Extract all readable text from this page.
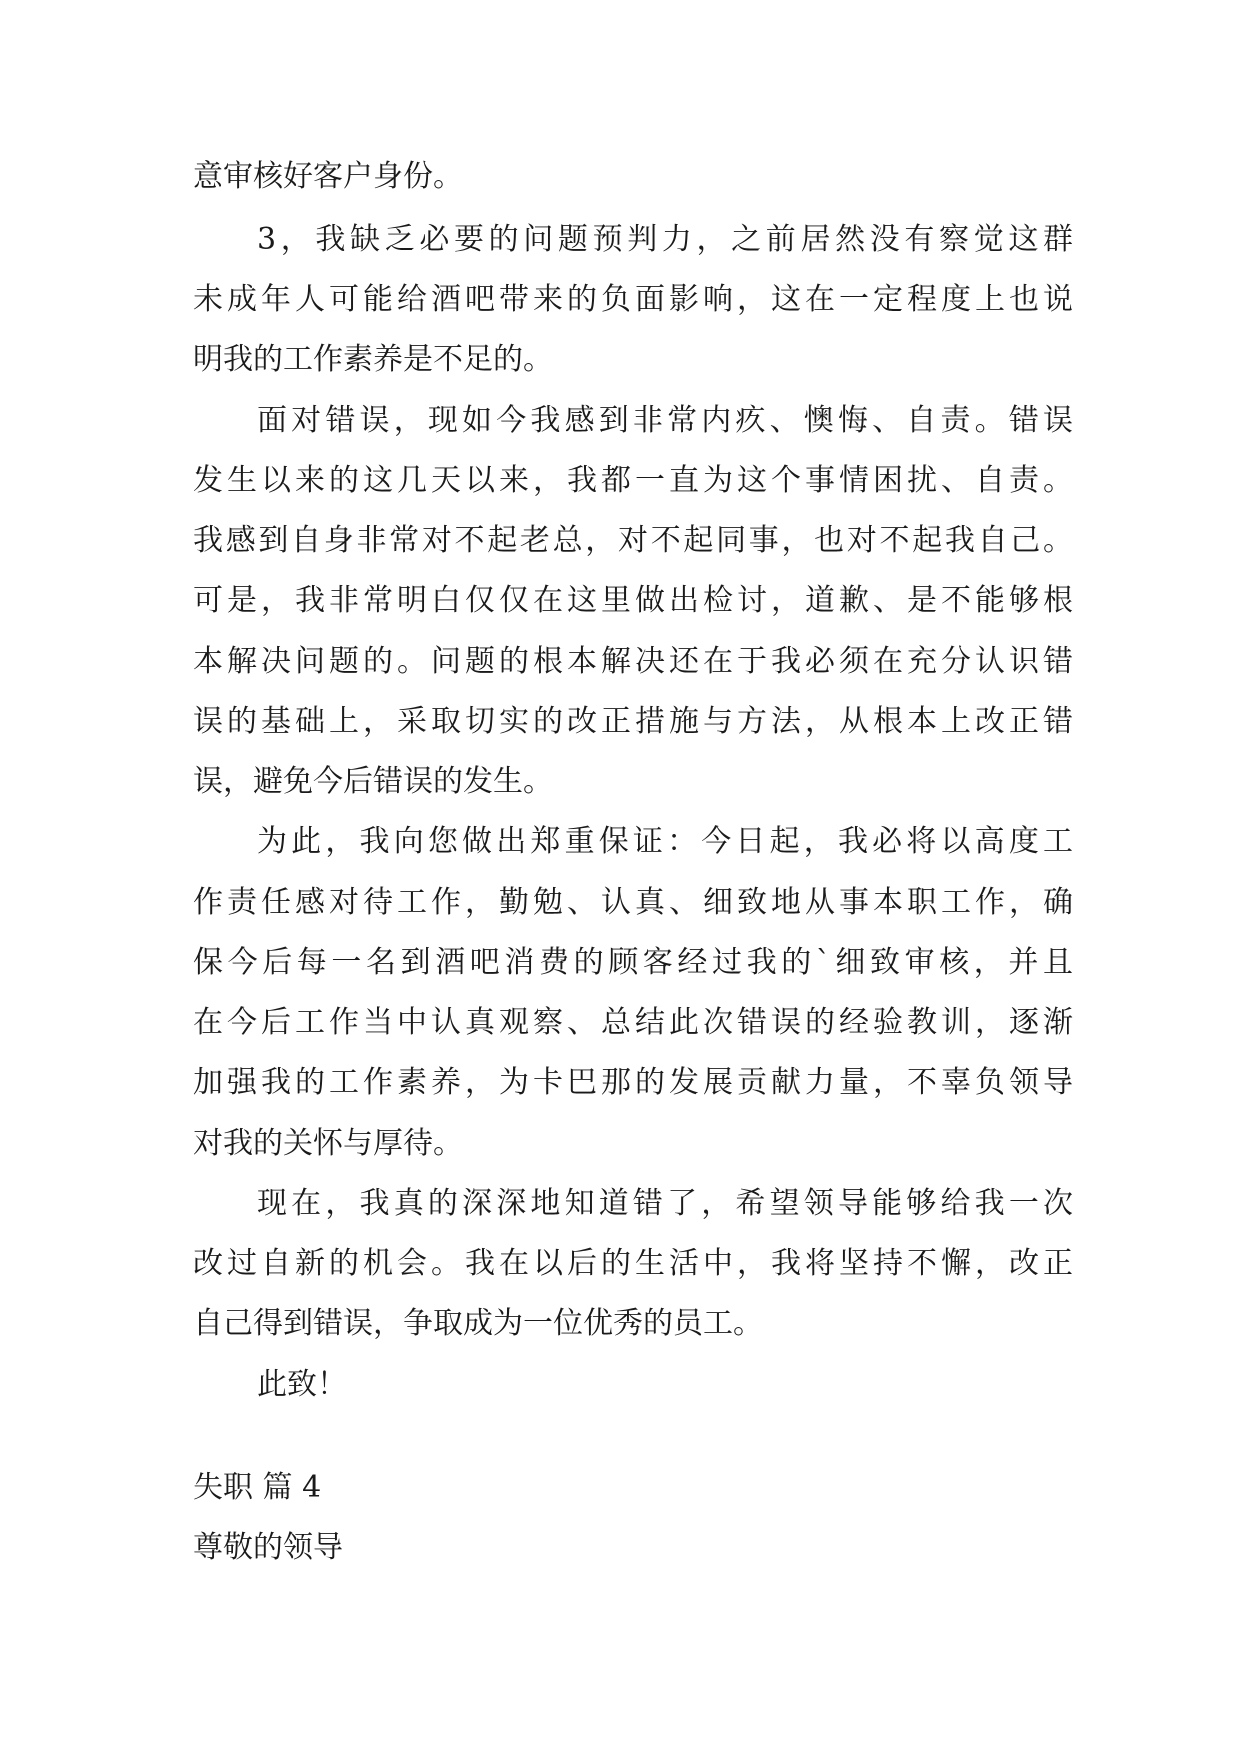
意审核好客户身份。
3，我缺乏必要的问题预判力，之前居然没有察觉这群
未成年人可能给酒吧带来的负面影响，这在一定程度上也说
明我的工作素养是不足的。
面对错误，现如今我感到非常内疚、懊悔、自责。错误
发生以来的这几天以来，我都一直为这个事情困扰、自责。
我感到自身非常对不起老总，对不起同事，也对不起我自己。
可是，我非常明白仅仅在这里做出检讨，道歉、是不能够根
本解决问题的。问题的根本解决还在于我必须在充分认识错
误的基础上，采取切实的改正措施与方法，从根本上改正错
误，避免今后错误的发生。
为此，我向您做出郑重保证：今日起，我必将以高度工
作责任感对待工作，勤勉、认真、细致地从事本职工作，确
保今后每一名到酒吧消费的顾客经过我的`细致审核，并且
在今后工作当中认真观察、总结此次错误的经验教训，逐渐
加强我的工作素养，为卡巴那的发展贡献力量，不辜负领导
对我的关怀与厚待。
现在，我真的深深地知道错了，希望领导能够给我一次
改过自新的机会。我在以后的生活中，我将坚持不懈，改正
自己得到错误，争取成为一位优秀的员工。
此致！
失职 篇 4
尊敬的领导
